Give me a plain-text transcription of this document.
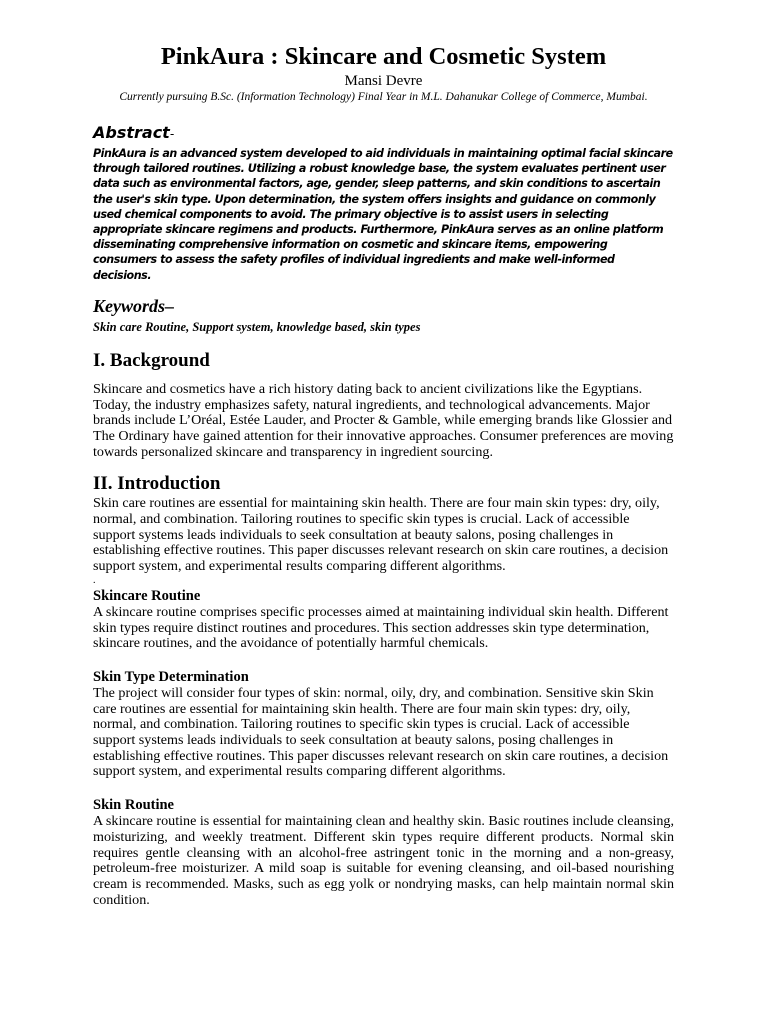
PinkAura : Skincare and Cosmetic System

Mansi Devre

Currently pursuing B.Sc. (Information Technology) Final Year in M.L. Dahanukar College of Commerce, Mumbai.

Abstract-

PinkAura is an advanced system developed to aid individuals in maintaining optimal facial skincare through tailored routines. Utilizing a robust knowledge base, the system evaluates pertinent user data such as environmental factors, age, gender, sleep patterns, and skin conditions to ascertain the user's skin type. Upon determination, the system offers insights and guidance on commonly used chemical components to avoid. The primary objective is to assist users in selecting appropriate skincare regimens and products. Furthermore, PinkAura serves as an online platform disseminating comprehensive information on cosmetic and skincare items, empowering consumers to assess the safety profiles of individual ingredients and make well-informed decisions.

Keywords–

Skin care Routine, Support system, knowledge based, skin types

I. Background

Skincare and cosmetics have a rich history dating back to ancient civilizations like the Egyptians. Today, the industry emphasizes safety, natural ingredients, and technological advancements. Major brands include L’Oréal, Estée Lauder, and Procter & Gamble, while emerging brands like Glossier and The Ordinary have gained attention for their innovative approaches. Consumer preferences are moving towards personalized skincare and transparency in ingredient sourcing.

II. Introduction

Skin care routines are essential for maintaining skin health. There are four main skin types: dry, oily, normal, and combination. Tailoring routines to specific skin types is crucial. Lack of accessible support systems leads individuals to seek consultation at beauty salons, posing challenges in establishing effective routines. This paper discusses relevant research on skin care routines, a decision support system, and experimental results comparing different algorithms.

.

Skincare Routine

A skincare routine comprises specific processes aimed at maintaining individual skin health. Different skin types require distinct routines and procedures. This section addresses skin type determination, skincare routines, and the avoidance of potentially harmful chemicals.

Skin Type Determination

The project will consider four types of skin: normal, oily, dry, and combination. Sensitive skin Skin care routines are essential for maintaining skin health. There are four main skin types: dry, oily, normal, and combination. Tailoring routines to specific skin types is crucial. Lack of accessible support systems leads individuals to seek consultation at beauty salons, posing challenges in establishing effective routines. This paper discusses relevant research on skin care routines, a decision support system, and experimental results comparing different algorithms.

Skin Routine

A skincare routine is essential for maintaining clean and healthy skin. Basic routines include cleansing, moisturizing, and weekly treatment. Different skin types require different products. Normal skin requires gentle cleansing with an alcohol-free astringent tonic in the morning and a non-greasy, petroleum-free moisturizer. A mild soap is suitable for evening cleansing, and oil-based nourishing cream is recommended. Masks, such as egg yolk or nondrying masks, can help maintain normal skin condition.
